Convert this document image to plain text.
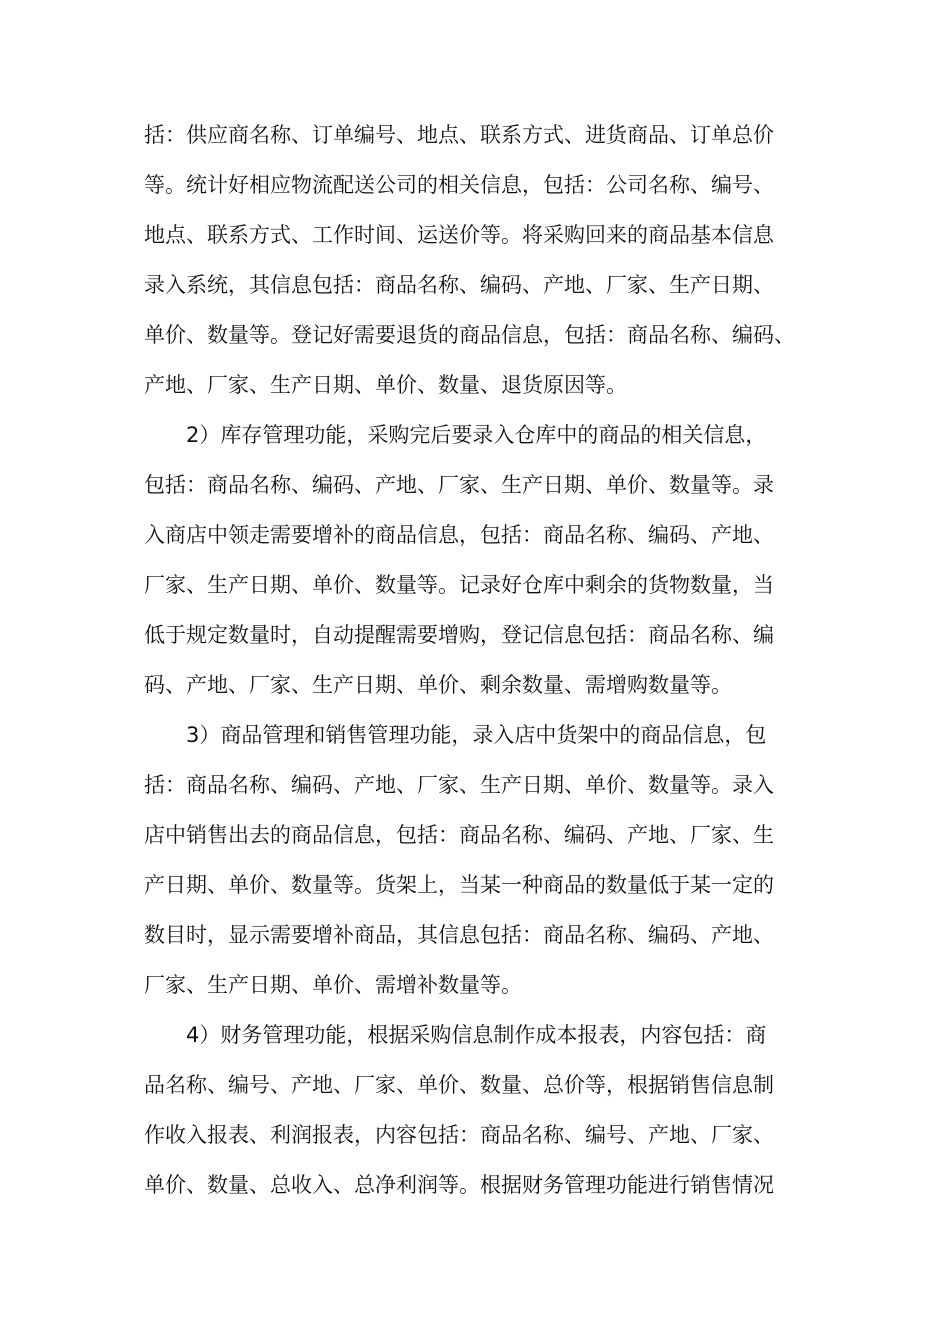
括：供应商名称、订单编号、地点、联系方式、进货商品、订单总价
等。统计好相应物流配送公司的相关信息，包括：公司名称、编号、
地点、联系方式、工作时间、运送价等。将采购回来的商品基本信息
录入系统，其信息包括：商品名称、编码、产地、厂家、生产日期、
单价、数量等。登记好需要退货的商品信息，包括：商品名称、编码、
产地、厂家、生产日期、单价、数量、退货原因等。
　　2）库存管理功能，采购完后要录入仓库中的商品的相关信息，
包括：商品名称、编码、产地、厂家、生产日期、单价、数量等。录
入商店中领走需要增补的商品信息，包括：商品名称、编码、产地、
厂家、生产日期、单价、数量等。记录好仓库中剩余的货物数量，当
低于规定数量时，自动提醒需要增购，登记信息包括：商品名称、编
码、产地、厂家、生产日期、单价、剩余数量、需增购数量等。
　　3）商品管理和销售管理功能，录入店中货架中的商品信息，包
括：商品名称、编码、产地、厂家、生产日期、单价、数量等。录入
店中销售出去的商品信息，包括：商品名称、编码、产地、厂家、生
产日期、单价、数量等。货架上，当某一种商品的数量低于某一定的
数目时，显示需要增补商品，其信息包括：商品名称、编码、产地、
厂家、生产日期、单价、需增补数量等。
　　4）财务管理功能，根据采购信息制作成本报表，内容包括：商
品名称、编号、产地、厂家、单价、数量、总价等，根据销售信息制
作收入报表、利润报表，内容包括：商品名称、编号、产地、厂家、
单价、数量、总收入、总净利润等。根据财务管理功能进行销售情况
